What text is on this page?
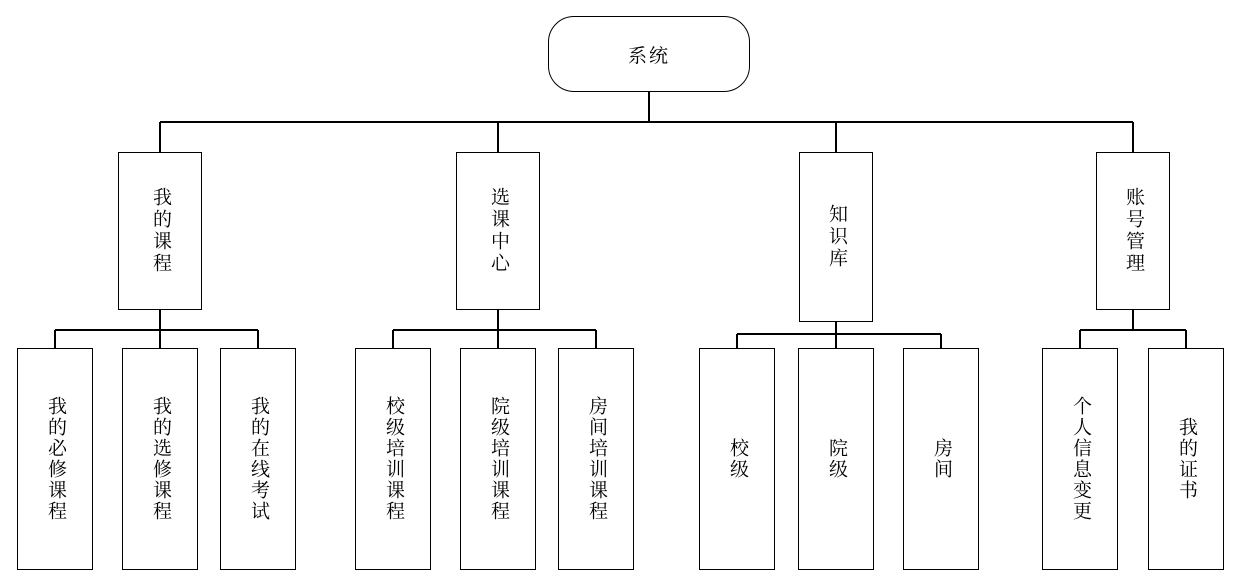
系统
我的课程	选课中心	知识库	账号管理
我的必修课程	我的选修课程	我的在线考试	校级培训课程	院级培训课程	房间培训课程	校级	院级	房间	个人信息变更	我的证书
